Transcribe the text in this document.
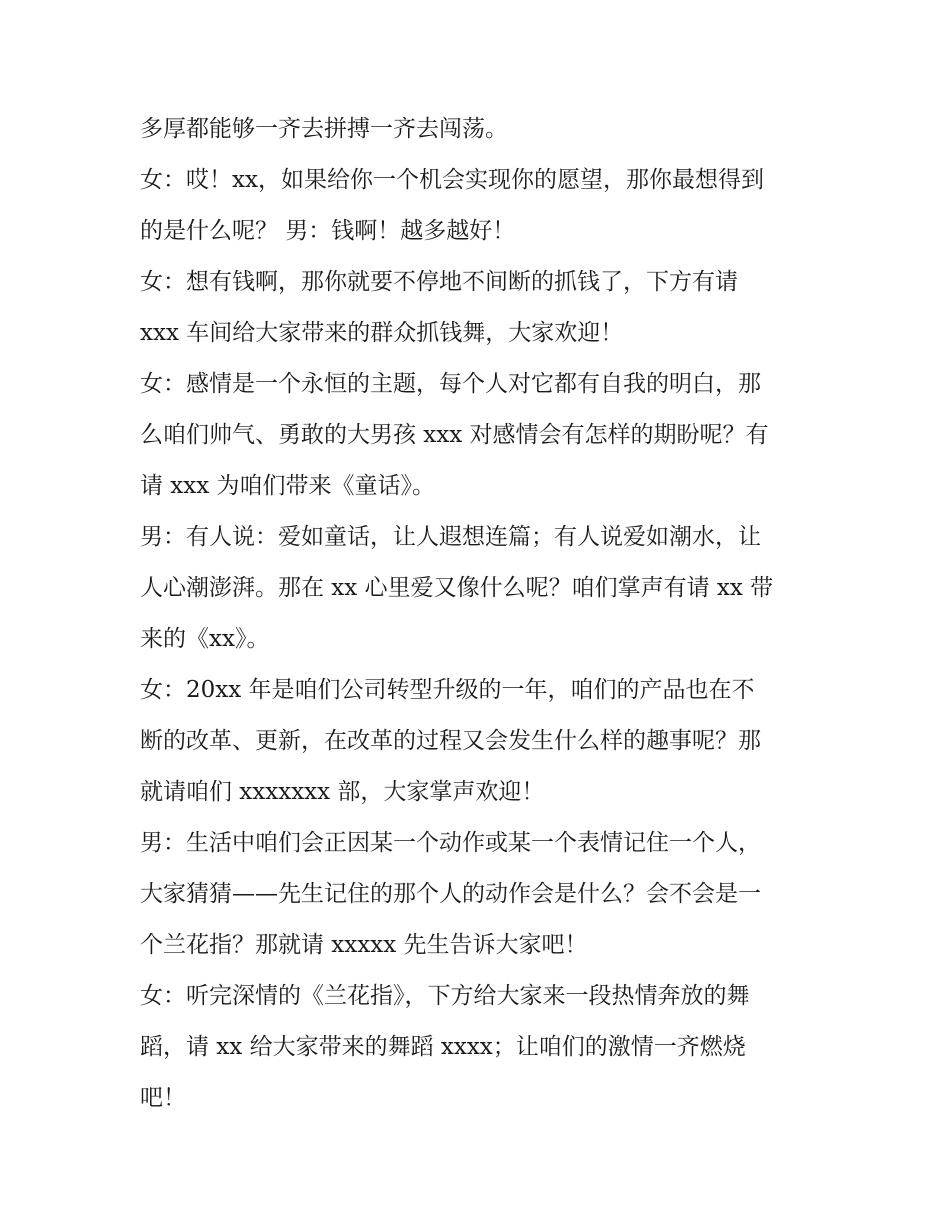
多厚都能够一齐去拼搏一齐去闯荡。
女：哎！xx，如果给你一个机会实现你的愿望，那你最想得到
的是什么呢？ 男：钱啊！越多越好！
女：想有钱啊，那你就要不停地不间断的抓钱了，下方有请
xxx 车间给大家带来的群众抓钱舞，大家欢迎！
女：感情是一个永恒的主题，每个人对它都有自我的明白，那
么咱们帅气、勇敢的大男孩 xxx 对感情会有怎样的期盼呢？有
请 xxx 为咱们带来《童话》。
男：有人说：爱如童话，让人遐想连篇；有人说爱如潮水，让
人心潮澎湃。那在 xx 心里爱又像什么呢？咱们掌声有请 xx 带
来的《xx》。
女：20xx 年是咱们公司转型升级的一年，咱们的产品也在不
断的改革、更新，在改革的过程又会发生什么样的趣事呢？那
就请咱们 xxxxxxx 部，大家掌声欢迎！
男：生活中咱们会正因某一个动作或某一个表情记住一个人，
大家猜猜——先生记住的那个人的动作会是什么？会不会是一
个兰花指？那就请 xxxxx 先生告诉大家吧！
女：听完深情的《兰花指》，下方给大家来一段热情奔放的舞
蹈，请 xx 给大家带来的舞蹈 xxxx；让咱们的激情一齐燃烧
吧！
